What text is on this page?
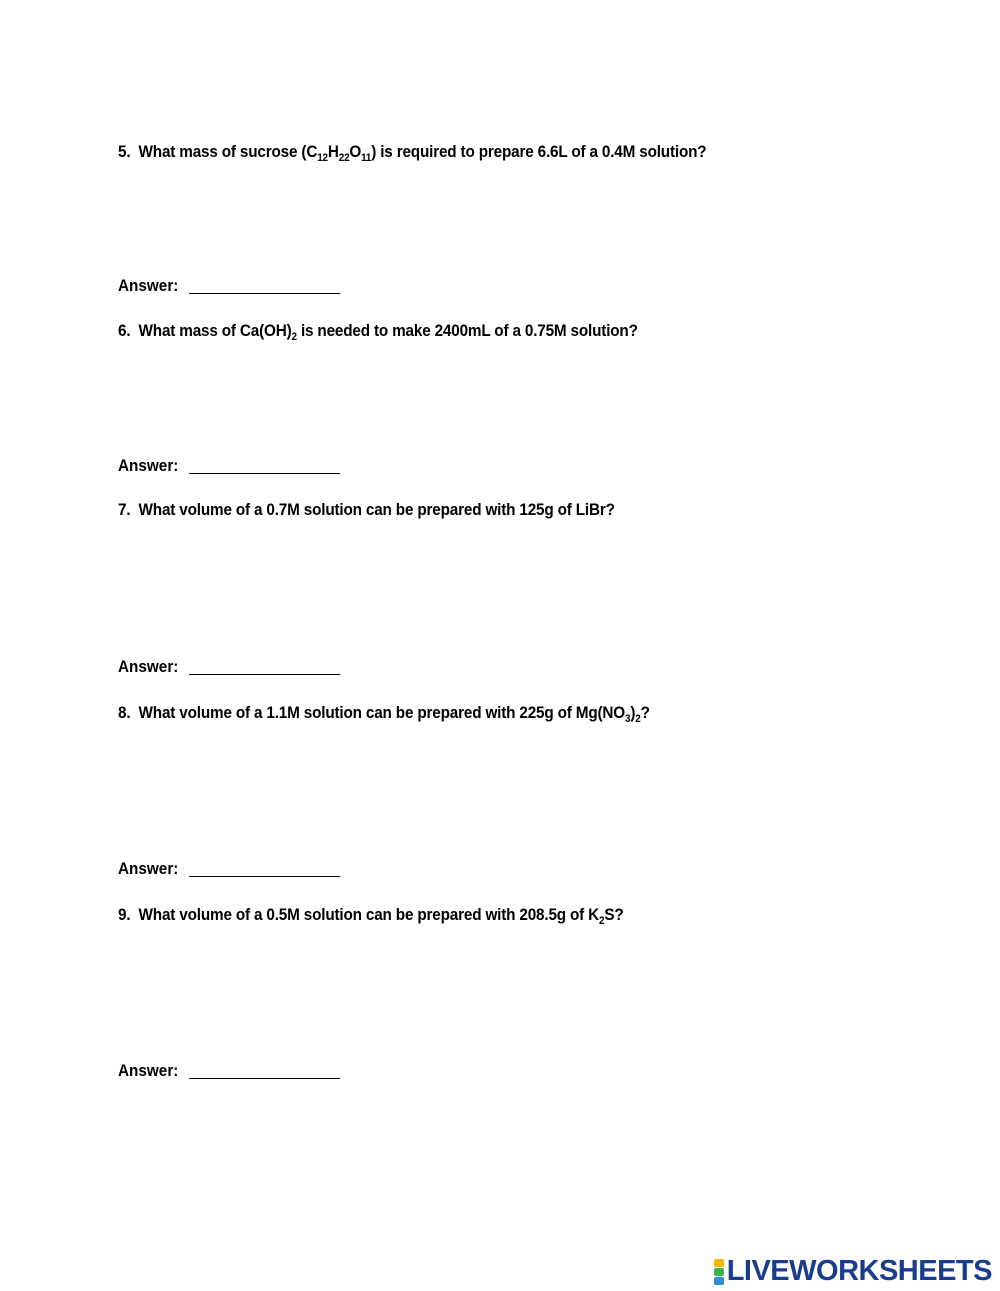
5. What mass of sucrose $(C_{12}H_{22}O_{11})$ is required to prepare 6.6L of a 0.4M solution?
Answer:
6. What mass of $Ca(OH)_2$ is needed to make 2400mL of a 0.75M solution?
Answer:
7. What volume of a 0.7M solution can be prepared with 125g of LiBr?
Answer:
8. What volume of a 1.1M solution can be prepared with 225g of $Mg(NO_3)_2$?
Answer:
9. What volume of a 0.5M solution can be prepared with 208.5g of $K_2S$?
Answer:
LIVEWORKSHEETS
